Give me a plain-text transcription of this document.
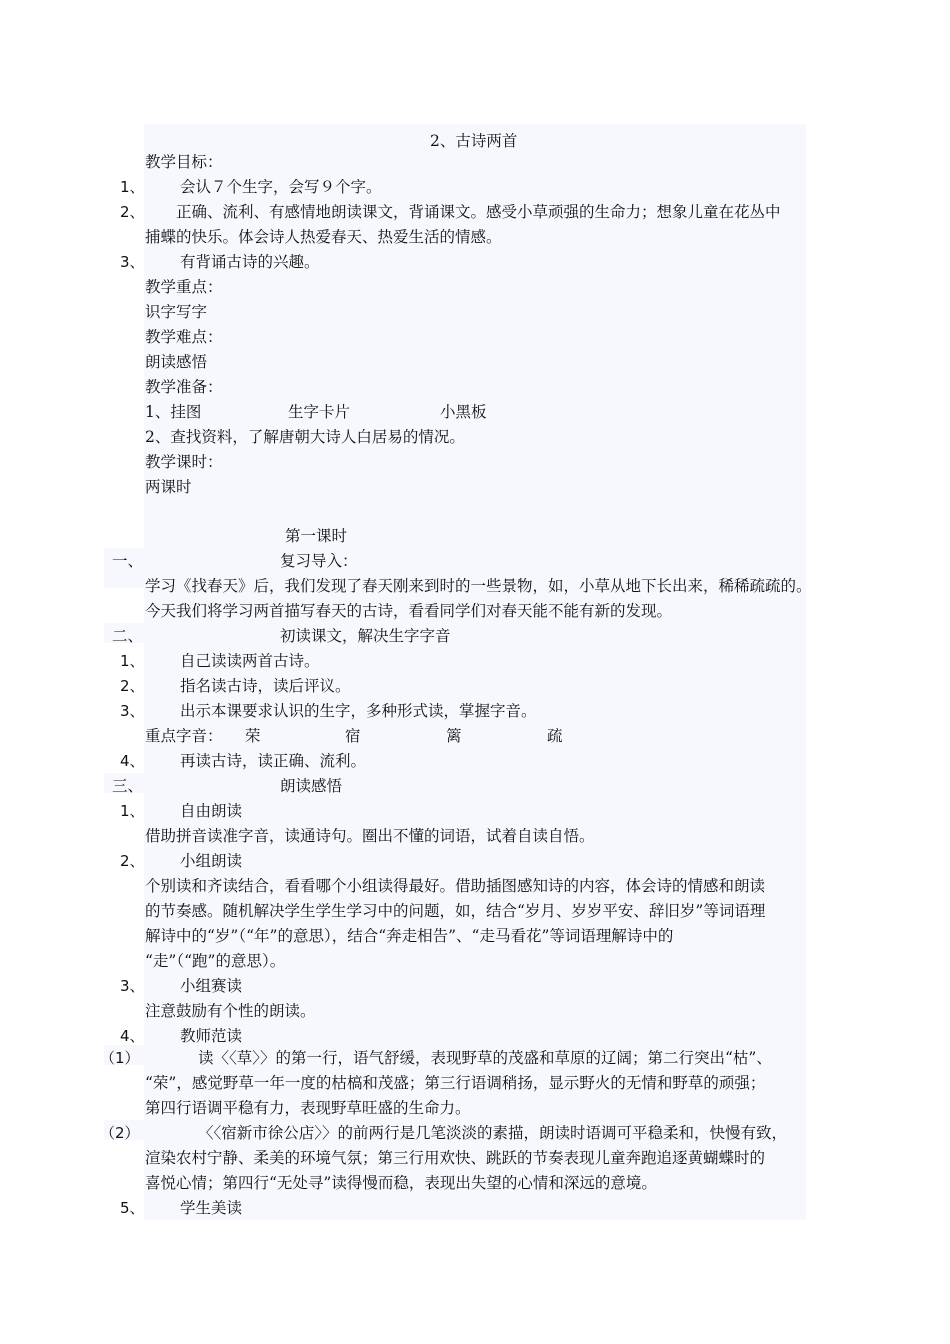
2、古诗两首
教学目标：
1、 会认７个生字，会写９个字。
2、 正确、流利、有感情地朗读课文，背诵课文。感受小草顽强的生命力；想象儿童在花丛中
捕蝶的快乐。体会诗人热爱春天、热爱生活的情感。
3、 有背诵古诗的兴趣。
教学重点：
识字写字
教学难点：
朗读感悟
教学准备：
1、挂图	生字卡片	小黑板
2、查找资料，了解唐朝大诗人白居易的情况。
教学课时：
两课时
第一课时
一、	复习导入：
学习《找春天》后，我们发现了春天刚来到时的一些景物，如，小草从地下长出来，稀稀疏疏的。
今天我们将学习两首描写春天的古诗，看看同学们对春天能不能有新的发现。
二、	初读课文，解决生字字音
1、 自己读读两首古诗。
2、 指名读古诗，读后评议。
3、 出示本课要求认识的生字，多种形式读，掌握字音。
重点字音： 荣	宿	篱	疏
4、 再读古诗，读正确、流利。
三、	朗读感悟
1、 自由朗读
借助拼音读准字音，读通诗句。圈出不懂的词语，试着自读自悟。
2、 小组朗读
个别读和齐读结合，看看哪个小组读得最好。借助插图感知诗的内容，体会诗的情感和朗读
的节奏感。随机解决学生学生学习中的问题，如，结合“岁月、岁岁平安、辞旧岁”等词语理
解诗中的“岁”（“年”的意思），结合“奔走相告”、“走马看花”等词语理解诗中的
“走”（“跑”的意思）。
3、 小组赛读
注意鼓励有个性的朗读。
4、 教师范读
（1）	读〈〈草〉〉的第一行，语气舒缓，表现野草的茂盛和草原的辽阔；第二行突出“枯”、
“荣”，感觉野草一年一度的枯槁和茂盛；第三行语调稍扬，显示野火的无情和野草的顽强；
第四行语调平稳有力，表现野草旺盛的生命力。
（2）	〈〈宿新市徐公店〉〉的前两行是几笔淡淡的素描，朗读时语调可平稳柔和，快慢有致，
渲染农村宁静、柔美的环境气氛；第三行用欢快、跳跃的节奏表现儿童奔跑追逐黄蝴蝶时的
喜悦心情；第四行“无处寻”读得慢而稳，表现出失望的心情和深远的意境。
5、 学生美读
